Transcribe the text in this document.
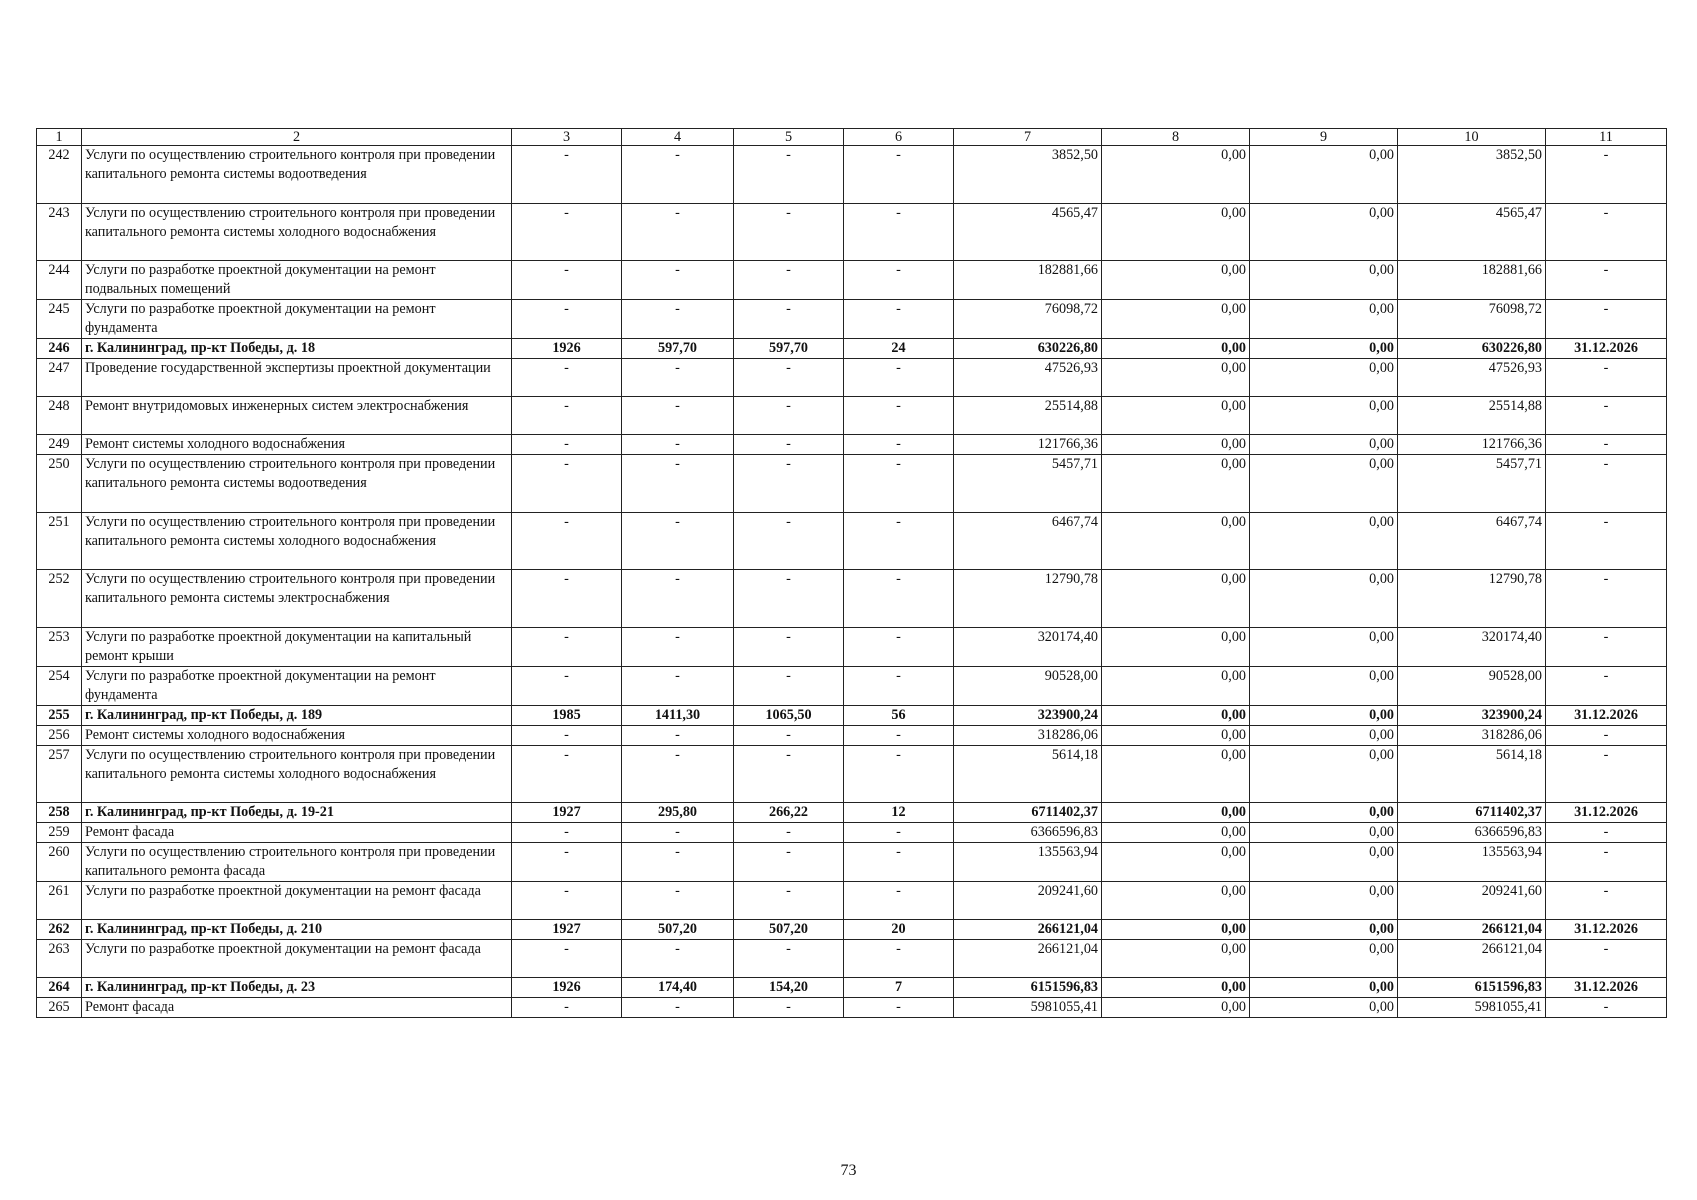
1	2	3	4	5	6	7	8	9	10	11
242	Услуги по осуществлению строительного контроля при проведении капитального ремонта системы водоотведения	-	-	-	-	3852,50	0,00	0,00	3852,50	-
243	Услуги по осуществлению строительного контроля при проведении капитального ремонта системы холодного водоснабжения	-	-	-	-	4565,47	0,00	0,00	4565,47	-
244	Услуги по разработке проектной документации на ремонт подвальных помещений	-	-	-	-	182881,66	0,00	0,00	182881,66	-
245	Услуги по разработке проектной документации на ремонт фундамента	-	-	-	-	76098,72	0,00	0,00	76098,72	-
246	г. Калининград, пр-кт Победы, д. 18	1926	597,70	597,70	24	630226,80	0,00	0,00	630226,80	31.12.2026
247	Проведение государственной экспертизы проектной документации	-	-	-	-	47526,93	0,00	0,00	47526,93	-
248	Ремонт внутридомовых инженерных систем электроснабжения	-	-	-	-	25514,88	0,00	0,00	25514,88	-
249	Ремонт системы холодного водоснабжения	-	-	-	-	121766,36	0,00	0,00	121766,36	-
250	Услуги по осуществлению строительного контроля при проведении капитального ремонта системы водоотведения	-	-	-	-	5457,71	0,00	0,00	5457,71	-
251	Услуги по осуществлению строительного контроля при проведении капитального ремонта системы холодного водоснабжения	-	-	-	-	6467,74	0,00	0,00	6467,74	-
252	Услуги по осуществлению строительного контроля при проведении капитального ремонта системы электроснабжения	-	-	-	-	12790,78	0,00	0,00	12790,78	-
253	Услуги по разработке проектной документации на капитальный ремонт крыши	-	-	-	-	320174,40	0,00	0,00	320174,40	-
254	Услуги по разработке проектной документации на ремонт фундамента	-	-	-	-	90528,00	0,00	0,00	90528,00	-
255	г. Калининград, пр-кт Победы, д. 189	1985	1411,30	1065,50	56	323900,24	0,00	0,00	323900,24	31.12.2026
256	Ремонт системы холодного водоснабжения	-	-	-	-	318286,06	0,00	0,00	318286,06	-
257	Услуги по осуществлению строительного контроля при проведении капитального ремонта системы холодного водоснабжения	-	-	-	-	5614,18	0,00	0,00	5614,18	-
258	г. Калининград, пр-кт Победы, д. 19-21	1927	295,80	266,22	12	6711402,37	0,00	0,00	6711402,37	31.12.2026
259	Ремонт фасада	-	-	-	-	6366596,83	0,00	0,00	6366596,83	-
260	Услуги по осуществлению строительного контроля при проведении капитального ремонта фасада	-	-	-	-	135563,94	0,00	0,00	135563,94	-
261	Услуги по разработке проектной документации на ремонт фасада	-	-	-	-	209241,60	0,00	0,00	209241,60	-
262	г. Калининград, пр-кт Победы, д. 210	1927	507,20	507,20	20	266121,04	0,00	0,00	266121,04	31.12.2026
263	Услуги по разработке проектной документации на ремонт фасада	-	-	-	-	266121,04	0,00	0,00	266121,04	-
264	г. Калининград, пр-кт Победы, д. 23	1926	174,40	154,20	7	6151596,83	0,00	0,00	6151596,83	31.12.2026
265	Ремонт фасада	-	-	-	-	5981055,41	0,00	0,00	5981055,41	-
73
